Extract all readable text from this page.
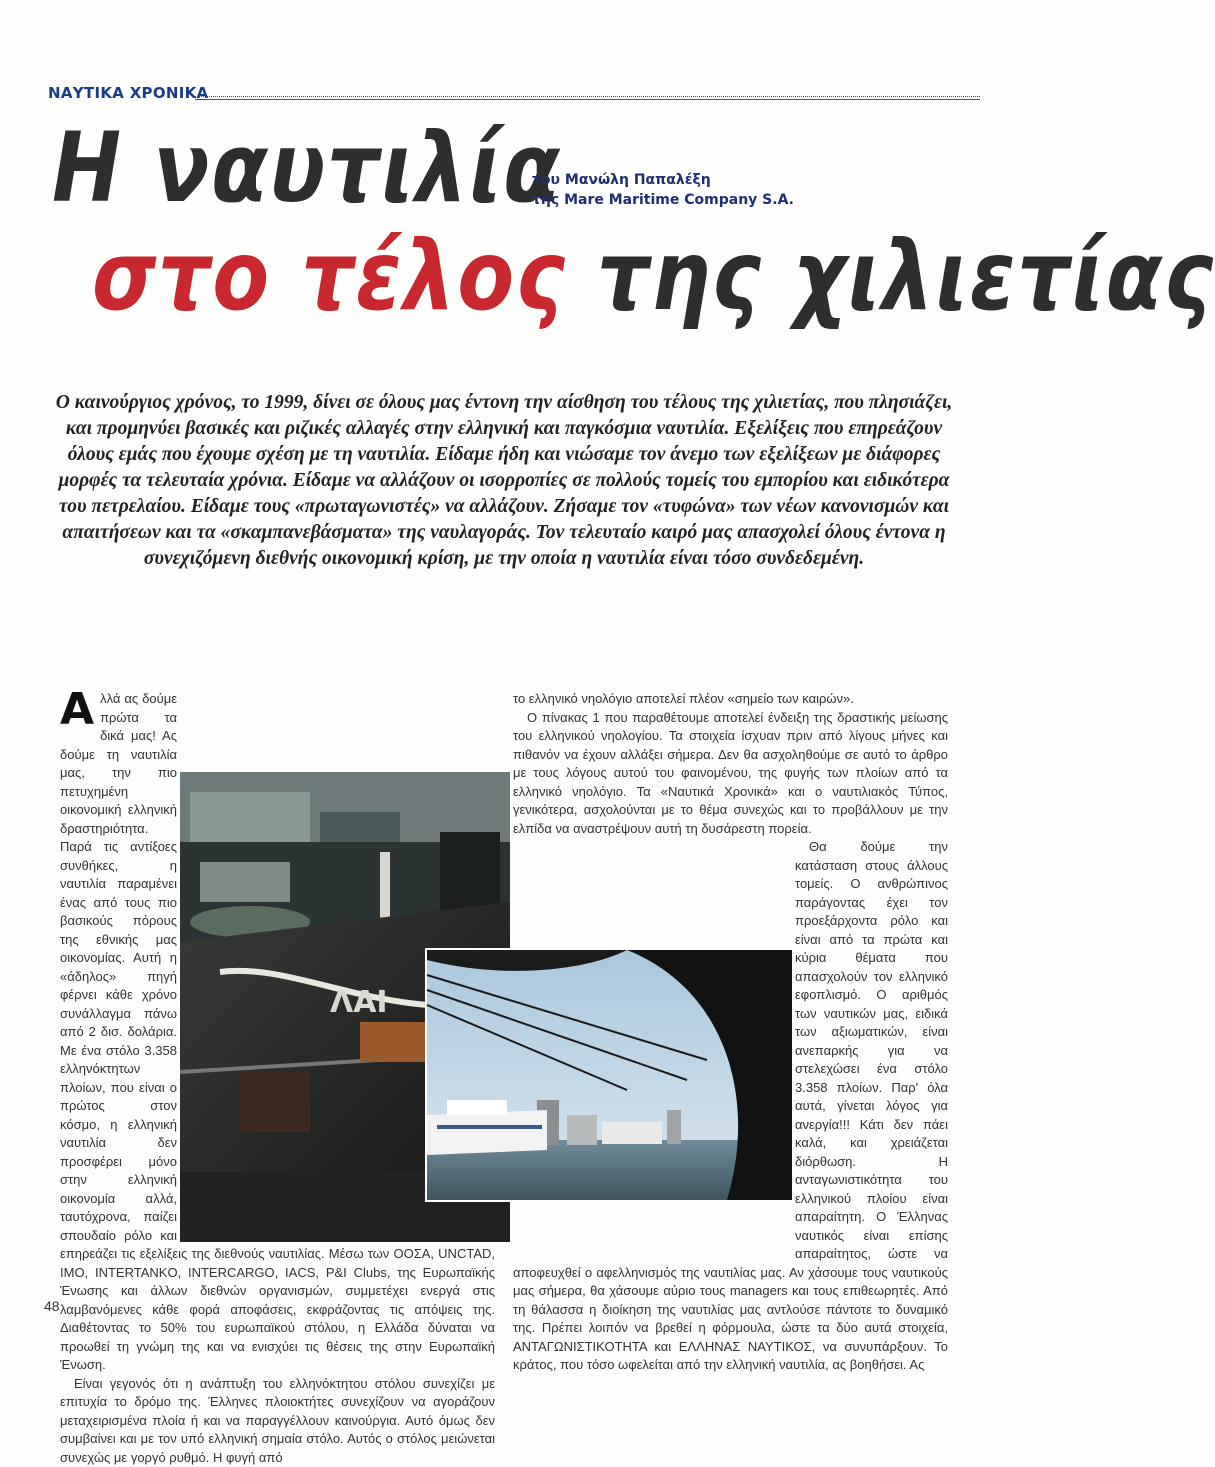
ΝΑΥΤΙΚΑ ΧΡΟΝΙΚΑ
Η ναυτιλία
στο τέλος της χιλιετίας
του Μανώλη Παπαλέξη
της Mare Maritime Company S.A.

Ο καινούργιος χρόνος, το 1999, δίνει σε όλους μας έντονη την αίσθηση του τέλους της χιλιετίας, που πλησιάζει, και προμηνύει βασικές και ριζικές αλλαγές στην ελληνική και παγκόσμια ναυτιλία. Εξελίξεις που επηρεάζουν όλους εμάς που έχουμε σχέση με τη ναυτιλία. Είδαμε ήδη και νιώσαμε τον άνεμο των εξελίξεων με διάφορες μορφές τα τελευταία χρόνια. Είδαμε να αλλάζουν οι ισορροπίες σε πολλούς τομείς του εμπορίου και ειδικότερα του πετρελαίου. Είδαμε τους «πρωταγωνιστές» να αλλάζουν. Ζήσαμε τον «τυφώνα» των νέων κανονισμών και απαιτήσεων και τα «σκαμπανεβάσματα» της ναυλαγοράς. Τον τελευταίο καιρό μας απασχολεί όλους έντονα η συνεχιζόμενη διεθνής οικονομική κρίση, με την οποία η ναυτιλία είναι τόσο συνδεδεμένη.

Αλλά ας δούμε πρώτα τα δικά μας! Ας δούμε τη ναυτιλία μας, την πιο πετυχημένη οικονομική ελληνική δραστηριότητα. Παρά τις αντίξοες συνθήκες, η ναυτιλία παραμένει ένας από τους πιο βασικούς πόρους της εθνικής μας οικονομίας. Αυτή η «άδηλος» πηγή φέρνει κάθε χρόνο συνάλλαγμα πάνω από 2 δισ. δολάρια. Με ένα στόλο 3.358 ελληνόκτητων πλοίων, που είναι ο πρώτος στον κόσμο, η ελληνική ναυτιλία δεν προσφέρει μόνο στην ελληνική οικονομία αλλά, ταυτόχρονα, παίζει σπουδαίο ρόλο και επηρεάζει τις εξελίξεις της διεθνούς ναυτιλίας. Μέσω των ΟΟΣΑ, UNCTAD, IMO, INTERTANKO, INTERCARGO, IACS, P&I Clubs, της Ευρωπαϊκής Ένωσης και άλλων διεθνών οργανισμών, συμμετέχει ενεργά στις λαμβανόμενες κάθε φορά αποφάσεις, εκφράζοντας τις απόψεις της. Διαθέτοντας το 50% του ευρωπαϊκού στόλου, η Ελλάδα δύναται να προωθεί τη γνώμη της και να ενισχύει τις θέσεις της στην Ευρωπαϊκή Ένωση.

Είναι γεγονός ότι η ανάπτυξη του ελληνόκτητου στόλου συνεχίζει με επιτυχία το δρόμο της. Έλληνες πλοιοκτήτες συνεχίζουν να αγοράζουν μεταχειρισμένα πλοία ή και να παραγγέλλουν καινούργια. Αυτό όμως δεν συμβαίνει και με τον υπό ελληνική σημαία στόλο. Αυτός ο στόλος μειώνεται συνεχώς με γοργό ρυθμό. Η φυγή από

το ελληνικό νηολόγιο αποτελεί πλέον «σημείο των καιρών».

Ο πίνακας 1 που παραθέτουμε αποτελεί ένδειξη της δραστικής μείωσης του ελληνικού νηολογίου. Τα στοιχεία ίσχυαν πριν από λίγους μήνες και πιθανόν να έχουν αλλάξει σήμερα. Δεν θα ασχοληθούμε σε αυτό το άρθρο με τους λόγους αυτού του φαινομένου, της φυγής των πλοίων από τα ελληνικό νηολόγιο. Τα «Ναυτικά Χρονικά» και ο ναυτιλιακός Τύπος, γενικότερα, ασχολούνται με το θέμα συνεχώς και το προβάλλουν με την ελπίδα να αναστρέψουν αυτή τη δυσάρεστη πορεία.

Θα δούμε την κατάσταση στους άλλους τομείς. Ο ανθρώπινος παράγοντας έχει τον προεξάρχοντα ρόλο και είναι από τα πρώτα και κύρια θέματα που απασχολούν τον ελληνικό εφοπλισμό. Ο αριθμός των ναυτικών μας, ειδικά των αξιωματικών, είναι ανεπαρκής για να στελεχώσει ένα στόλο 3.358 πλοίων. Παρ' όλα αυτά, γίνεται λόγος για ανεργία!!! Κάτι δεν πάει καλά, και χρειάζεται διόρθωση. Η ανταγωνιστικότητα του ελληνικού πλοίου είναι απαραίτητη. Ο Έλληνας ναυτικός είναι επίσης απαραίτητος, ώστε να αποφευχθεί ο αφελληνισμός της ναυτιλίας μας. Αν χάσουμε τους ναυτικούς μας σήμερα, θα χάσουμε αύριο τους managers και τους επιθεωρητές. Από τη θάλασσα η διοίκηση της ναυτιλίας μας αντλούσε πάντοτε το δυναμικό της. Πρέπει λοιπόν να βρεθεί η φόρμουλα, ώστε τα δύο αυτά στοιχεία, ΑΝΤΑΓΩΝΙΣΤΙΚΟΤΗΤΑ και ΕΛΛΗΝΑΣ ΝΑΥΤΙΚΟΣ, να συνυπάρξουν. Το κράτος, που τόσο ωφελείται από την ελληνική ναυτιλία, ας βοηθήσει. Ας

ΛΑΙ
48
